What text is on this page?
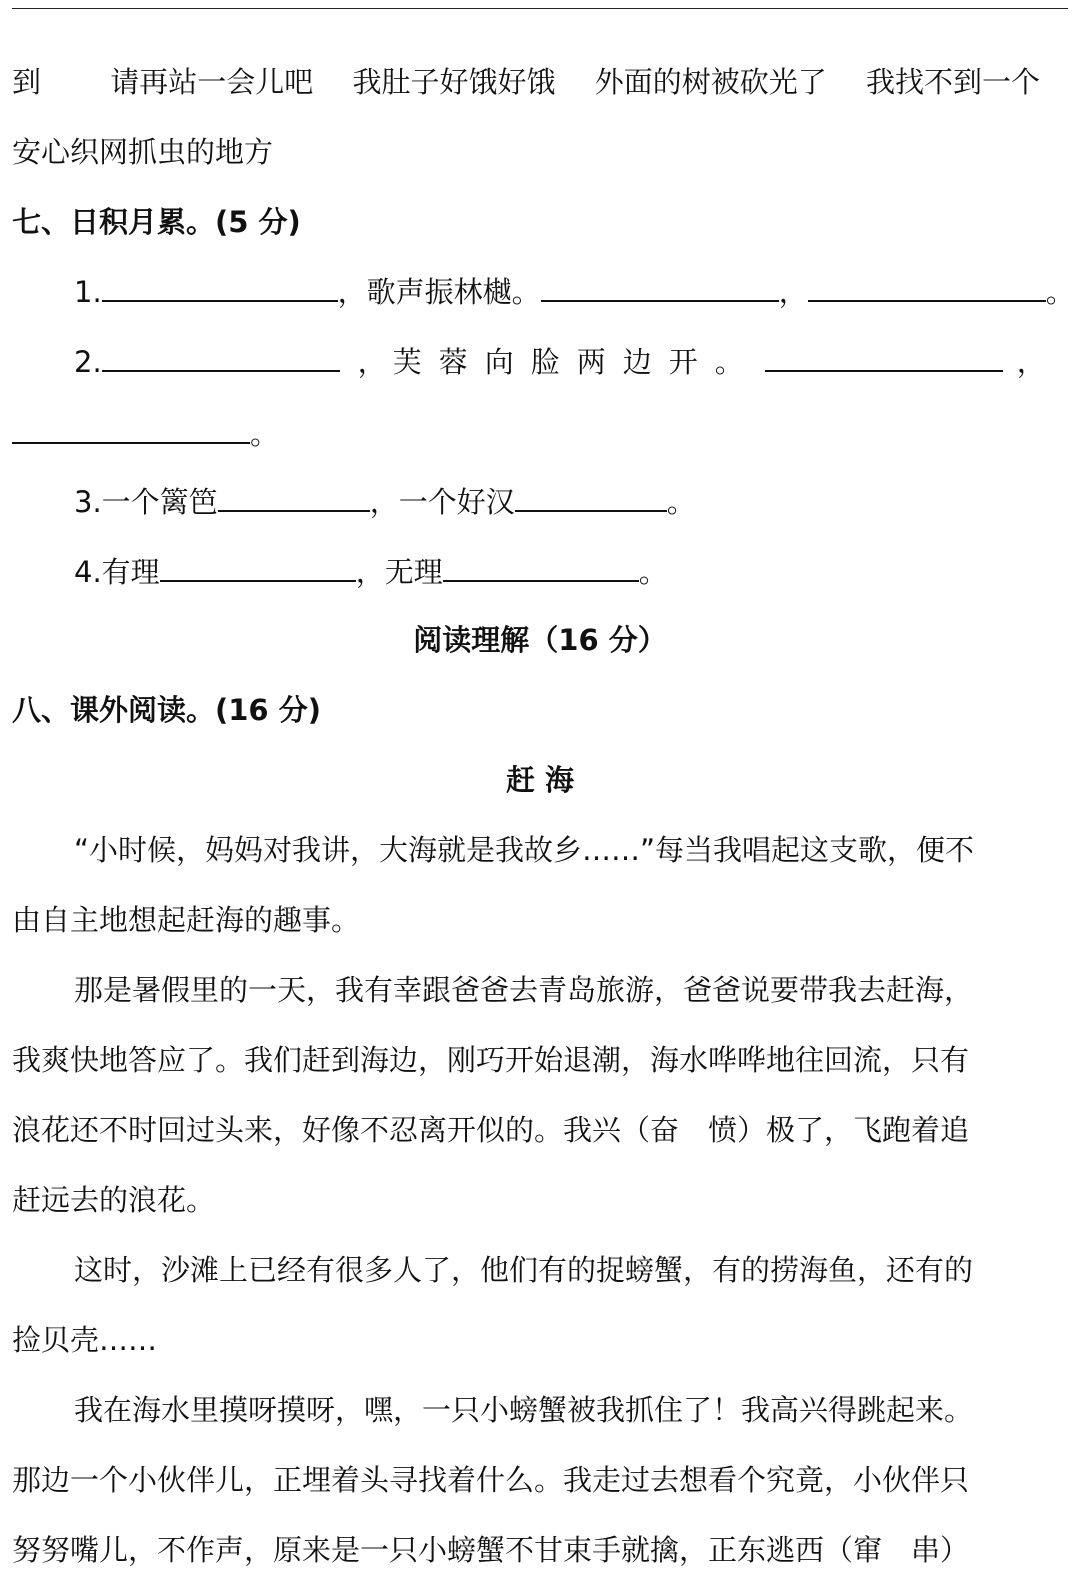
到 请再站一会儿吧 我肚子好饿好饿 外面的树被砍光了 我找不到一个
安心织网抓虫的地方
七、日积月累。(5 分)
1.	，歌声振林樾。	，	。
2.	， 芙蓉向脸两边开。	，
。
3.一个篱笆	，一个好汉	。
4.有理	，无理	。
阅读理解（16 分）
八、课外阅读。(16 分)
赶 海
“小时候，妈妈对我讲，大海就是我故乡……”每当我唱起这支歌，便不
由自主地想起赶海的趣事。
那是暑假里的一天，我有幸跟爸爸去青岛旅游，爸爸说要带我去赶海，
我爽快地答应了。我们赶到海边，刚巧开始退潮，海水哗哗地往回流，只有
浪花还不时回过头来，好像不忍离开似的。我兴（奋　愤）极了，飞跑着追
赶远去的浪花。
这时，沙滩上已经有很多人了，他们有的捉螃蟹，有的捞海鱼，还有的
捡贝壳……
我在海水里摸呀摸呀，嘿，一只小螃蟹被我抓住了！我高兴得跳起来。
那边一个小伙伴儿，正埋着头寻找着什么。我走过去想看个究竟，小伙伴只
努努嘴儿，不作声，原来是一只小螃蟹不甘束手就擒，正东逃西（窜　串）
